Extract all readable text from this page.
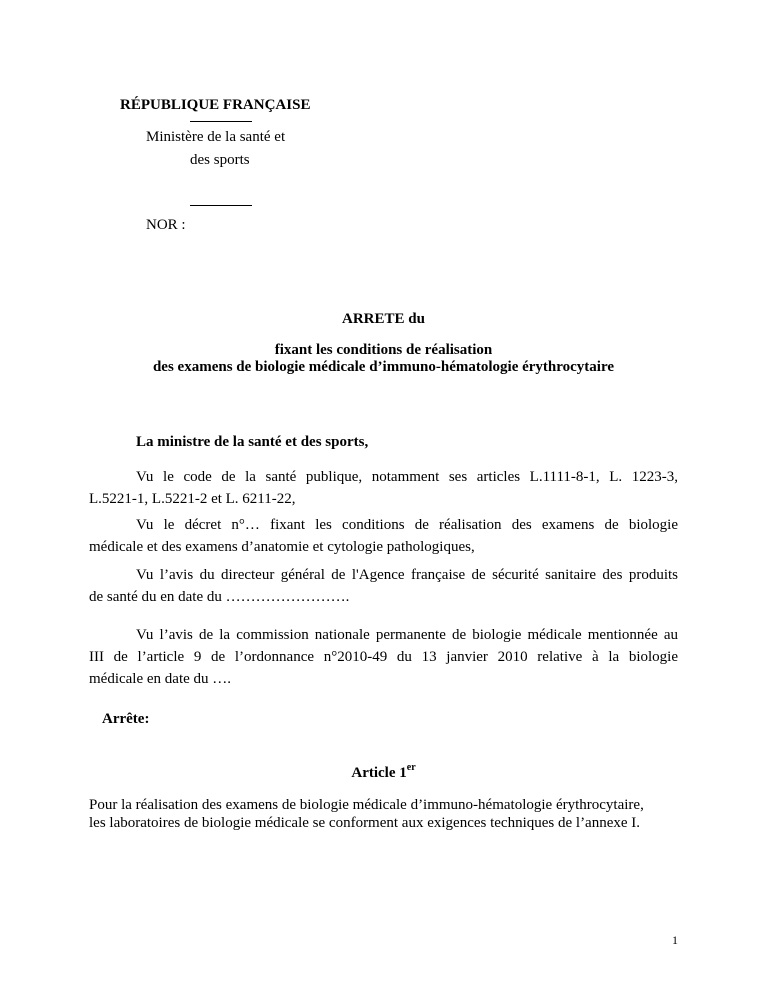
RÉPUBLIQUE FRANÇAISE
Ministère de la santé et
des sports
NOR :
ARRETE du
fixant les conditions de réalisation
des examens de biologie médicale d’immuno-hématologie érythrocytaire
La ministre de la santé et des sports,
Vu le code de la santé publique, notamment ses articles L.1111-8-1, L. 1223-3,
L.5221-1, L.5221-2 et L. 6211-22,
Vu le décret n°… fixant les conditions de réalisation des examens de biologie
médicale et des examens d’anatomie et cytologie pathologiques,
Vu l’avis du directeur général de l'Agence française de sécurité sanitaire des produits
de santé du en date du …………………….
Vu l’avis de la commission nationale permanente de biologie médicale mentionnée au
III de l’article 9 de l’ordonnance n°2010-49 du 13 janvier 2010 relative à la biologie
médicale en date du ….
Arrête:
Article 1er
Pour la réalisation des examens de biologie médicale d’immuno-hématologie érythrocytaire,
les laboratoires de biologie médicale se conforment aux exigences techniques de l’annexe I.
1
